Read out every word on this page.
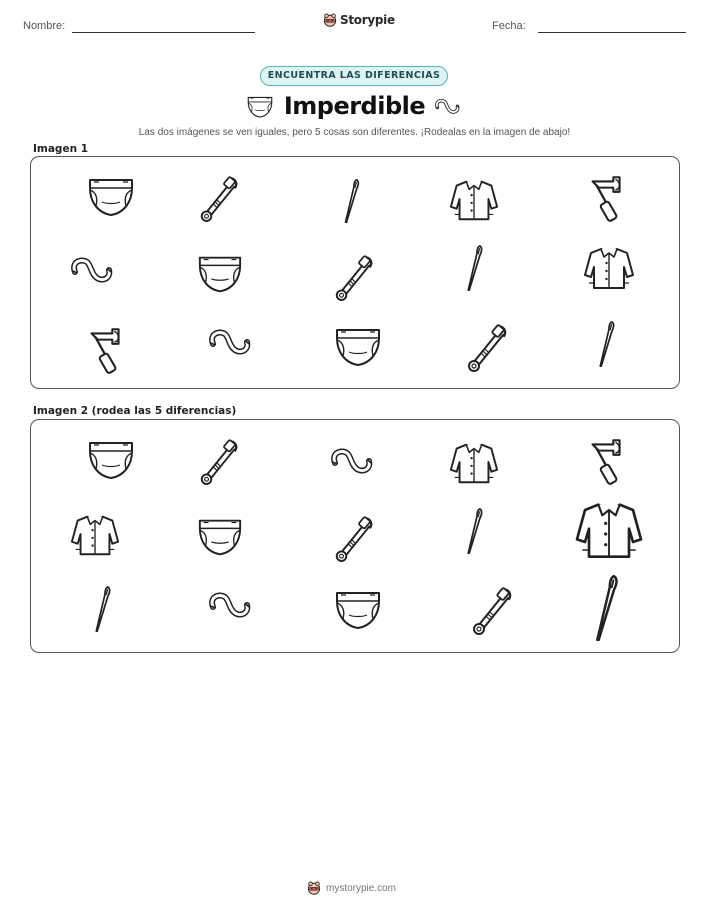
Nombre:	Storypie	Fecha:
ENCUENTRA LAS DIFERENCIAS
Imperdible
Las dos imágenes se ven iguales, pero 5 cosas son diferentes. ¡Rodealas en la imagen de abajo!
Imagen 1
Imagen 2 (rodea las 5 diferencias)
mystorypie.com
